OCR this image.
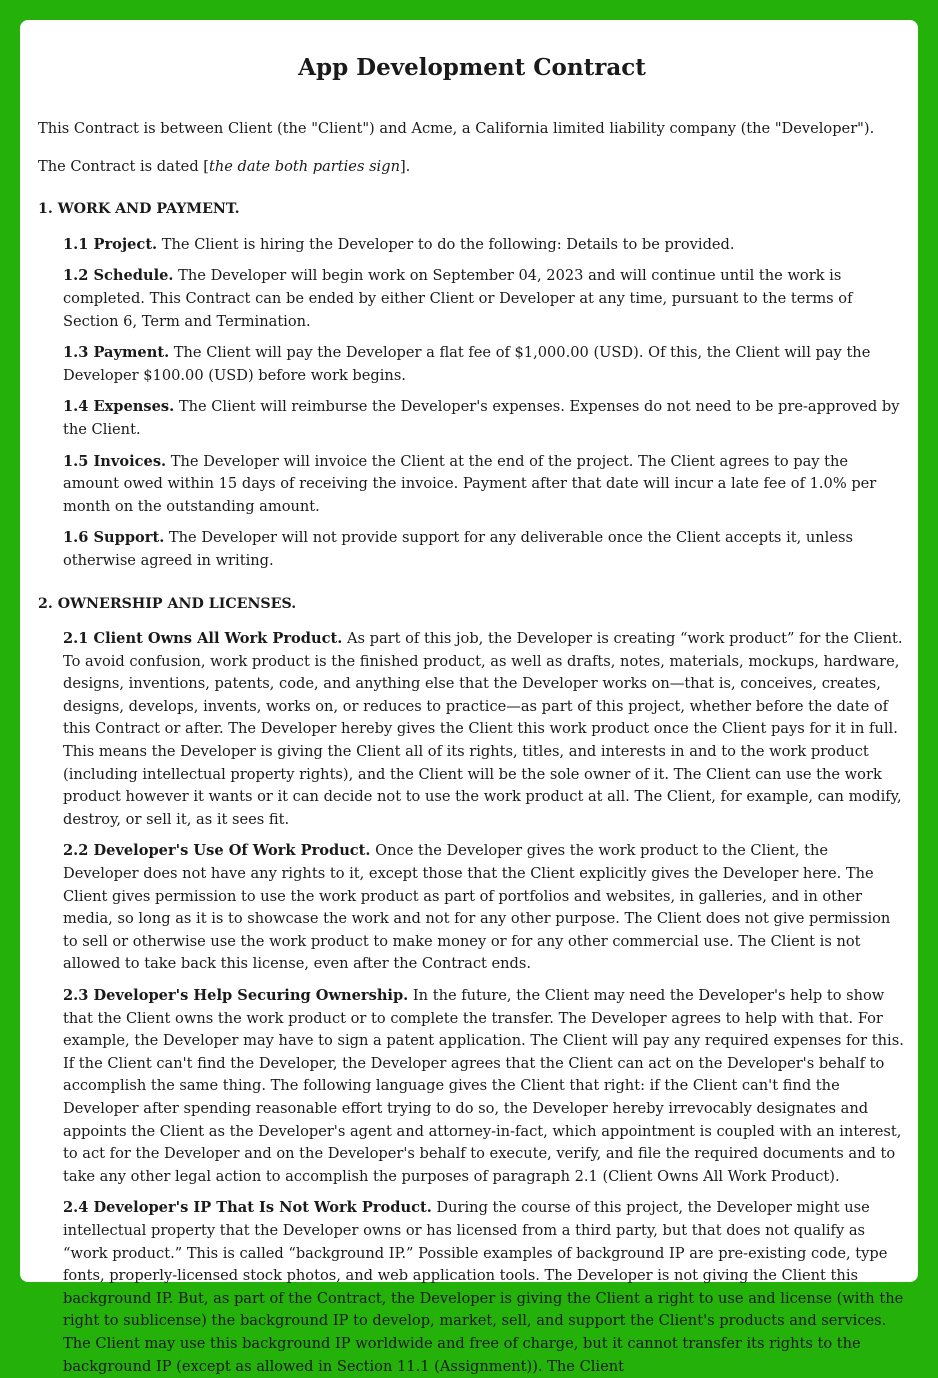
App Development Contract

This Contract is between Client (the "Client") and Acme, a California limited liability company (the "Developer").

The Contract is dated [the date both parties sign].

1. WORK AND PAYMENT.

1.1 Project. The Client is hiring the Developer to do the following: Details to be provided.

1.2 Schedule. The Developer will begin work on September 04, 2023 and will continue until the work is completed. This Contract can be ended by either Client or Developer at any time, pursuant to the terms of Section 6, Term and Termination.

1.3 Payment. The Client will pay the Developer a flat fee of $1,000.00 (USD). Of this, the Client will pay the Developer $100.00 (USD) before work begins.

1.4 Expenses. The Client will reimburse the Developer's expenses. Expenses do not need to be pre-approved by the Client.

1.5 Invoices. The Developer will invoice the Client at the end of the project. The Client agrees to pay the amount owed within 15 days of receiving the invoice. Payment after that date will incur a late fee of 1.0% per month on the outstanding amount.

1.6 Support. The Developer will not provide support for any deliverable once the Client accepts it, unless otherwise agreed in writing.

2. OWNERSHIP AND LICENSES.

2.1 Client Owns All Work Product. As part of this job, the Developer is creating “work product” for the Client. To avoid confusion, work product is the finished product, as well as drafts, notes, materials, mockups, hardware, designs, inventions, patents, code, and anything else that the Developer works on—that is, conceives, creates, designs, develops, invents, works on, or reduces to practice—as part of this project, whether before the date of this Contract or after. The Developer hereby gives the Client this work product once the Client pays for it in full. This means the Developer is giving the Client all of its rights, titles, and interests in and to the work product (including intellectual property rights), and the Client will be the sole owner of it. The Client can use the work product however it wants or it can decide not to use the work product at all. The Client, for example, can modify, destroy, or sell it, as it sees fit.

2.2 Developer's Use Of Work Product. Once the Developer gives the work product to the Client, the Developer does not have any rights to it, except those that the Client explicitly gives the Developer here. The Client gives permission to use the work product as part of portfolios and websites, in galleries, and in other media, so long as it is to showcase the work and not for any other purpose. The Client does not give permission to sell or otherwise use the work product to make money or for any other commercial use. The Client is not allowed to take back this license, even after the Contract ends.

2.3 Developer's Help Securing Ownership. In the future, the Client may need the Developer's help to show that the Client owns the work product or to complete the transfer. The Developer agrees to help with that. For example, the Developer may have to sign a patent application. The Client will pay any required expenses for this. If the Client can't find the Developer, the Developer agrees that the Client can act on the Developer's behalf to accomplish the same thing. The following language gives the Client that right: if the Client can't find the Developer after spending reasonable effort trying to do so, the Developer hereby irrevocably designates and appoints the Client as the Developer's agent and attorney-in-fact, which appointment is coupled with an interest, to act for the Developer and on the Developer's behalf to execute, verify, and file the required documents and to take any other legal action to accomplish the purposes of paragraph 2.1 (Client Owns All Work Product).

2.4 Developer's IP That Is Not Work Product. During the course of this project, the Developer might use intellectual property that the Developer owns or has licensed from a third party, but that does not qualify as “work product.” This is called “background IP.” Possible examples of background IP are pre-existing code, type fonts, properly-licensed stock photos, and web application tools. The Developer is not giving the Client this background IP. But, as part of the Contract, the Developer is giving the Client a right to use and license (with the right to sublicense) the background IP to develop, market, sell, and support the Client's products and services. The Client may use this background IP worldwide and free of charge, but it cannot transfer its rights to the background IP (except as allowed in Section 11.1 (Assignment)). The Client
